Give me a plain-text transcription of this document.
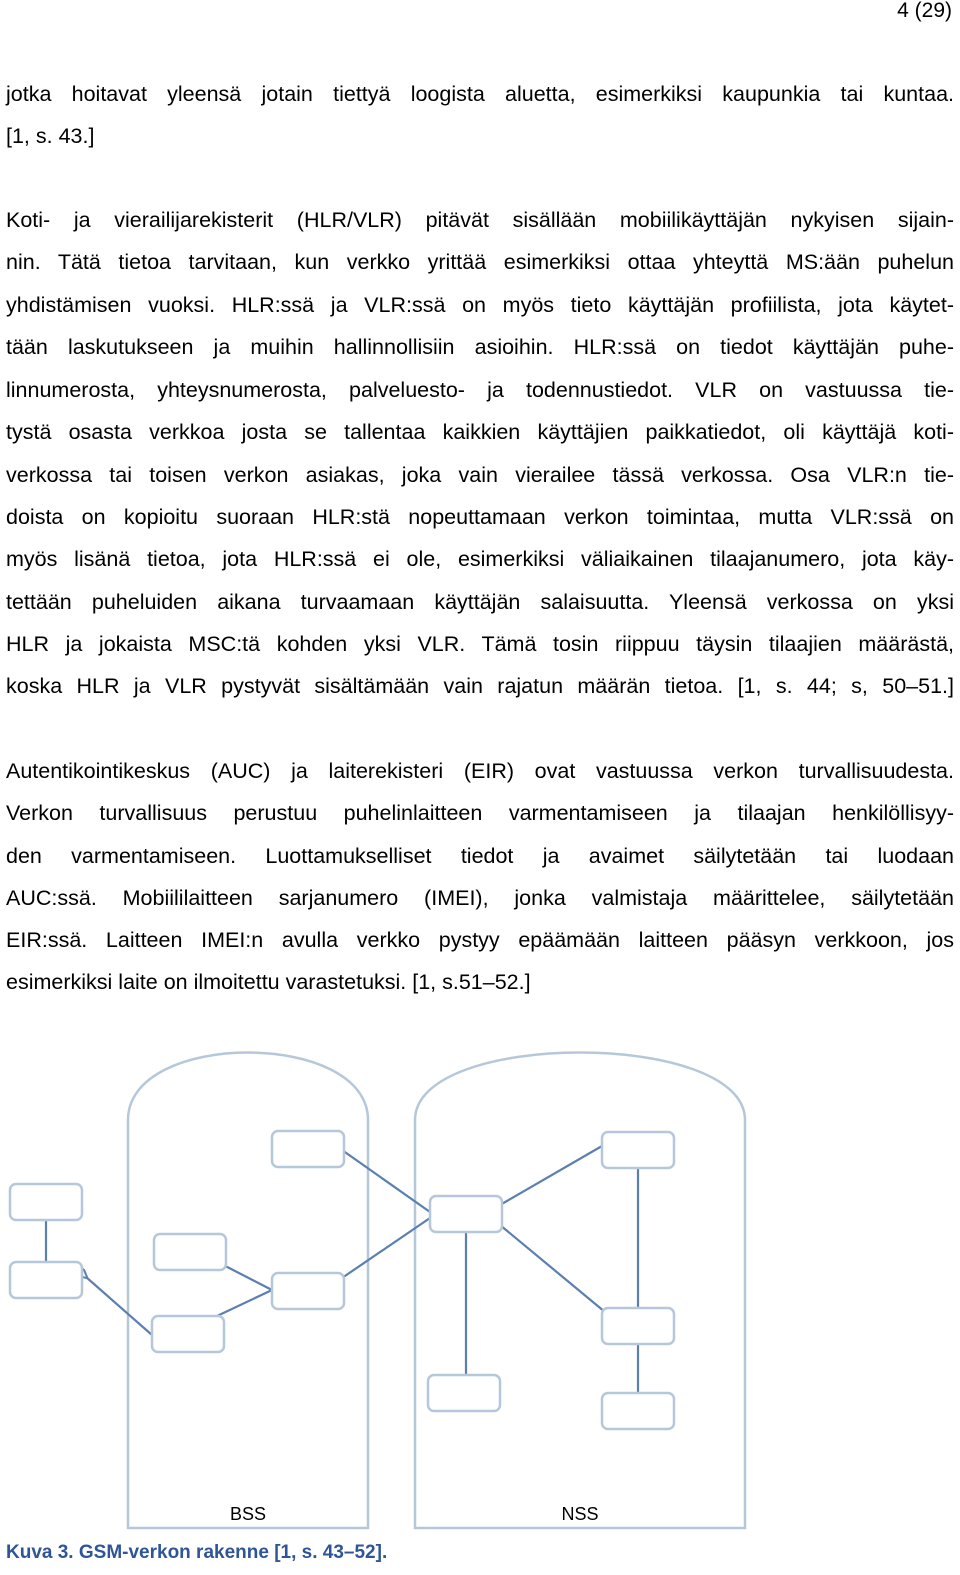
4 (29)
jotka hoitavat yleensä jotain tiettyä loogista aluetta, esimerkiksi kaupunkia tai kuntaa.
[1, s. 43.]
Koti- ja vierailijarekisterit (HLR/VLR) pitävät sisällään mobiilikäyttäjän nykyisen sijain-
nin. Tätä tietoa tarvitaan, kun verkko yrittää esimerkiksi ottaa yhteyttä MS:ään puhelun
yhdistämisen vuoksi. HLR:ssä ja VLR:ssä on myös tieto käyttäjän profiilista, jota käytet-
tään laskutukseen ja muihin hallinnollisiin asioihin. HLR:ssä on tiedot käyttäjän puhe-
linnumerosta, yhteysnumerosta, palveluesto- ja todennustiedot. VLR on vastuussa tie-
tystä osasta verkkoa josta se tallentaa kaikkien käyttäjien paikkatiedot, oli käyttäjä koti-
verkossa tai toisen verkon asiakas, joka vain vierailee tässä verkossa. Osa VLR:n tie-
doista on kopioitu suoraan HLR:stä nopeuttamaan verkon toimintaa, mutta VLR:ssä on
myös lisänä tietoa, jota HLR:ssä ei ole, esimerkiksi väliaikainen tilaajanumero, jota käy-
tettään puheluiden aikana turvaamaan käyttäjän salaisuutta. Yleensä verkossa on yksi
HLR ja jokaista MSC:tä kohden yksi VLR. Tämä tosin riippuu täysin tilaajien määrästä,
koska HLR ja VLR pystyvät sisältämään vain rajatun määrän tietoa. [1, s. 44; s, 50–51.]
Autentikointikeskus (AUC) ja laiterekisteri (EIR) ovat vastuussa verkon turvallisuudesta.
Verkon turvallisuus perustuu puhelinlaitteen varmentamiseen ja tilaajan henkilöllisyy-
den varmentamiseen. Luottamukselliset tiedot ja avaimet säilytetään tai luodaan
AUC:ssä. Mobiililaitteen sarjanumero (IMEI), jonka valmistaja määrittelee, säilytetään
EIR:ssä. Laitteen IMEI:n avulla verkko pystyy epäämään laitteen pääsyn verkkoon, jos
esimerkiksi laite on ilmoitettu varastetuksi. [1, s.51–52.]
BSS	NSS
Kuva 3. GSM-verkon rakenne [1, s. 43–52].
